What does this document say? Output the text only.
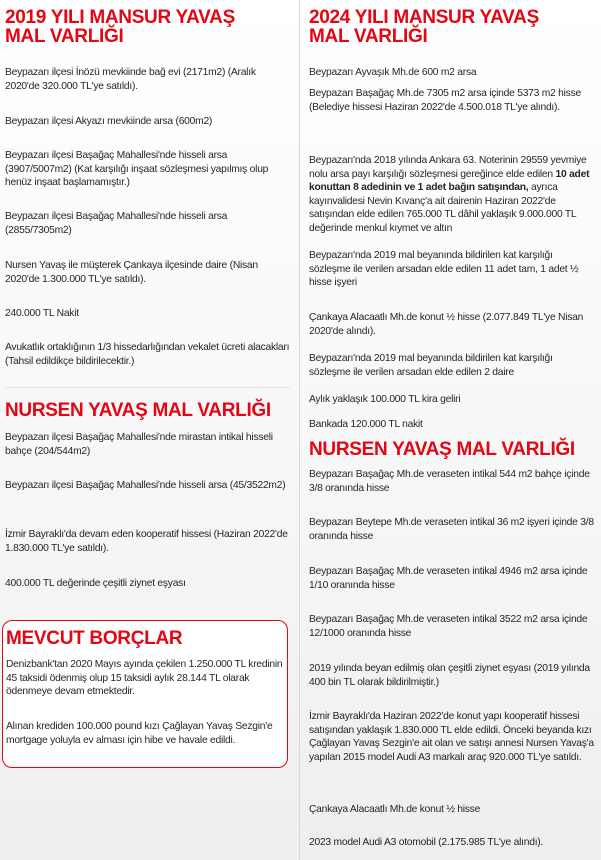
2019 YILI MANSUR YAVAŞ
MAL VARLIĞI

Beypazarı ilçesi İnözü mevkiinde bağ evi (2171m2) (Aralık 2020'de 320.000 TL'ye satıldı).

Beypazarı ilçesi Akyazı mevkiinde arsa (600m2)

Beypazarı ilçesi Başağaç Mahallesi'nde hisseli arsa (3907/5007m2) (Kat karşılığı inşaat sözleşmesi yapılmış olup henüz inşaat başlamamıştır.)

Beypazarı ilçesi Başağaç Mahallesi'nde hisseli arsa (2855/7305m2)

Nursen Yavaş ile müşterek Çankaya ilçesinde daire (Nisan 2020'de 1.300.000 TL'ye satıldı).

240.000 TL Nakit

Avukatlık ortaklığının 1/3 hissedarlığından vekalet ücreti alacakları (Tahsil edildikçe bildirilecektir.)

NURSEN YAVAŞ MAL VARLIĞI

Beypazarı ilçesi Başağaç Mahallesi'nde mirastan intikal hisseli bahçe (204/544m2)

Beypazarı ilçesi Başağaç Mahallesi'nde hisseli arsa (45/3522m2)

İzmir Bayraklı'da devam eden kooperatif hissesi (Haziran 2022'de 1.830.000 TL'ye satıldı).

400.000 TL değerinde çeşitli ziynet eşyası

MEVCUT BORÇLAR

Denizbank'tan 2020 Mayıs ayında çekilen 1.250.000 TL kredinin 45 taksidi ödenmiş olup 15 taksidi aylık 28.144 TL olarak ödenmeye devam etmektedir.

Alınan krediden 100.000 pound kızı Çağlayan Yavaş Sezgin'e mortgage yoluyla ev alması için hibe ve havale edildi.

2024 YILI MANSUR YAVAŞ
MAL VARLIĞI

Beypazarı Ayvaşık Mh.de 600 m2 arsa

Beypazarı Başağaç Mh.de 7305 m2 arsa içinde 5373 m2 hisse (Belediye hissesi Haziran 2022'de 4.500.018 TL'ye alındı).

Beypazarı'nda 2018 yılında Ankara 63. Noterinin 29559 yevmiye nolu arsa payı karşılığı sözleşmesi gereğince elde edilen 10 adet konuttan 8 adedinin ve 1 adet bağın satışından, ayrıca kayınvalidesi Nevin Kıvanç'a ait dairenin Haziran 2022'de satışından elde edilen 765.000 TL dâhil yaklaşık 9.000.000 TL değerinde menkul kıymet ve altın

Beypazarı'nda 2019 mal beyanında bildirilen kat karşılığı sözleşme ile verilen arsadan elde edilen 11 adet tam, 1 adet ½ hisse işyeri

Çankaya Alacaatlı Mh.de konut ½ hisse (2.077.849 TL'ye Nisan 2020'de alındı).

Beypazarı'nda 2019 mal beyanında bildirilen kat karşılığı sözleşme ile verilen arsadan elde edilen 2 daire

Aylık yaklaşık 100.000 TL kira geliri

Bankada 120.000 TL nakit

NURSEN YAVAŞ MAL VARLIĞI

Beypazarı Başağaç Mh.de veraseten intikal 544 m2 bahçe içinde 3/8 oranında hisse

Beypazarı Beytepe Mh.de veraseten intikal 36 m2 işyeri içinde 3/8 oranında hisse

Beypazarı Başağaç Mh.de veraseten intikal 4946 m2 arsa içinde 1/10 oranında hisse

Beypazarı Başağaç Mh.de veraseten intikal 3522 m2 arsa içinde 12/1000 oranında hisse

2019 yılında beyan edilmiş olan çeşitli ziynet eşyası (2019 yılında 400 bin TL olarak bildirilmiştir.)

İzmir Bayraklı'da Haziran 2022'de konut yapı kooperatif hissesi satışından yaklaşık 1.830.000 TL elde edildi. Önceki beyanda kızı Çağlayan Yavaş Sezgin'e ait olan ve satışı annesi Nursen Yavaş'a yapılan 2015 model Audi A3 markalı araç 920.000 TL'ye satıldı.

Çankaya Alacaatlı Mh.de konut ½ hisse

2023 model Audi A3 otomobil (2.175.985 TL'ye alındı).
